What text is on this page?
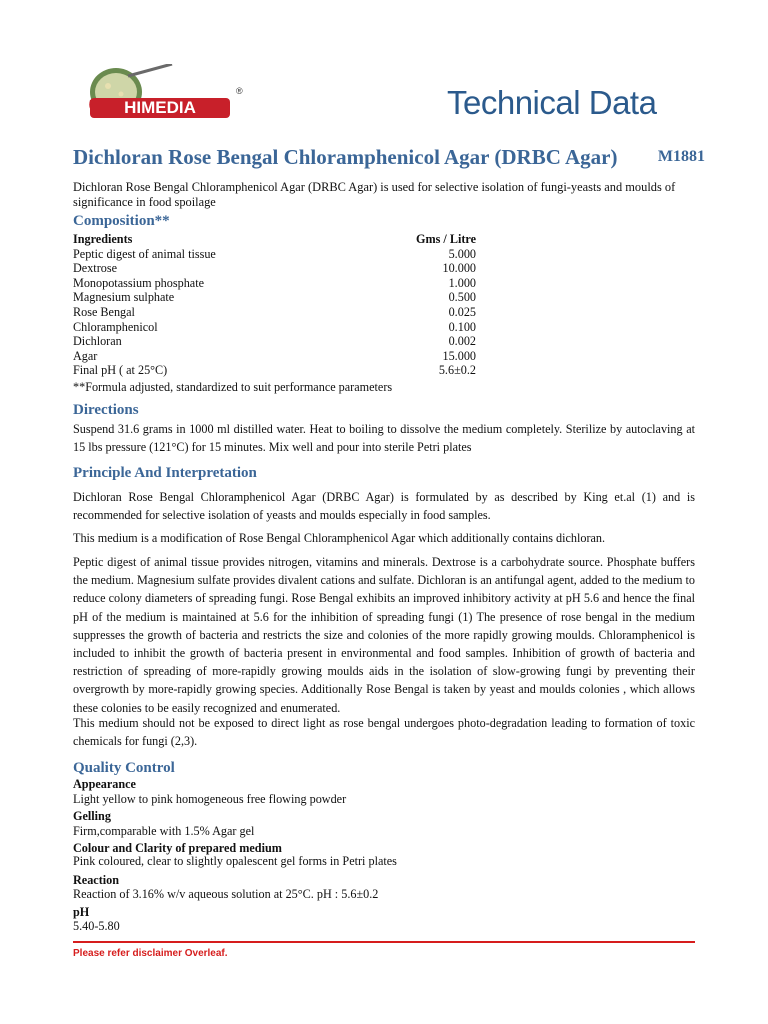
HIMEDIA
®	Technical Data
Dichloran Rose Bengal Chloramphenicol Agar (DRBC Agar)	M1881
Dichloran Rose Bengal Chloramphenicol Agar (DRBC Agar) is used for selective isolation of fungi-yeasts and moulds of significance in food spoilage
Composition**
Ingredients	Gms / Litre
Peptic digest of animal tissue	5.000
Dextrose	10.000
Monopotassium phosphate	1.000
Magnesium sulphate	0.500
Rose Bengal	0.025
Chloramphenicol	0.100
Dichloran	0.002
Agar	15.000
Final pH ( at 25°C)	5.6±0.2
**Formula adjusted, standardized to suit performance parameters
Directions
Suspend 31.6 grams in 1000 ml distilled water. Heat to boiling to dissolve the medium completely. Sterilize by autoclaving at 15 lbs pressure (121°C) for 15 minutes. Mix well and pour into sterile Petri plates
Principle And Interpretation
Dichloran Rose Bengal Chloramphenicol Agar (DRBC Agar) is formulated by as described by King et.al (1) and is recommended for selective isolation of yeasts and moulds especially in food samples.
This medium is a modification of Rose Bengal Chloramphenicol Agar which additionally contains dichloran.
Peptic digest of animal tissue provides nitrogen, vitamins and minerals. Dextrose is a carbohydrate source. Phosphate buffers the medium. Magnesium sulfate provides divalent cations and sulfate. Dichloran is an antifungal agent, added to the medium to reduce colony diameters of spreading fungi. Rose Bengal exhibits an improved inhibitory activity at pH 5.6 and hence the final pH of the medium is maintained at 5.6 for the inhibition of spreading fungi (1) The presence of rose bengal in the medium suppresses the growth of bacteria and restricts the size and colonies of the more rapidly growing moulds. Chloramphenicol is included to inhibit the growth of bacteria present in environmental and food samples. Inhibition of growth of bacteria and restriction of spreading of more-rapidly growing moulds aids in the isolation of slow-growing fungi by preventing their overgrowth by more-rapidly growing species. Additionally Rose Bengal is taken by yeast and moulds colonies , which allows these colonies to be easily recognized and enumerated.
This medium should not be exposed to direct light as rose bengal undergoes photo-degradation leading to formation of toxic chemicals for fungi (2,3).
Quality Control
Appearance
Light yellow to pink homogeneous free flowing powder
Gelling
Firm,comparable with 1.5% Agar gel
Colour and Clarity of prepared medium
Pink coloured, clear to slightly opalescent gel forms in Petri plates
Reaction
Reaction of 3.16% w/v aqueous solution at 25°C. pH : 5.6±0.2
pH
5.40-5.80
Please refer disclaimer Overleaf.
